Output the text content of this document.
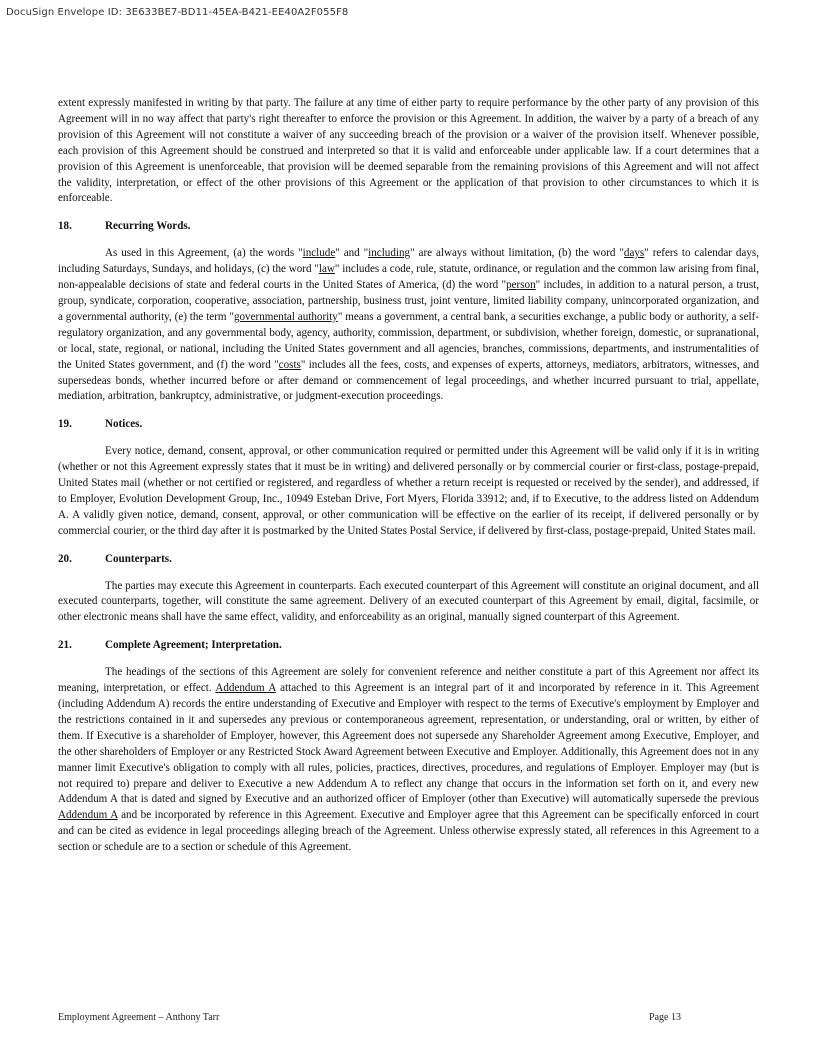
DocuSign Envelope ID: 3E633BE7-BD11-45EA-B421-EE40A2F055F8

extent expressly manifested in writing by that party. The failure at any time of either party to require performance by the other party of any provision of this Agreement will in no way affect that party's right thereafter to enforce the provision or this Agreement. In addition, the waiver by a party of a breach of any provision of this Agreement will not constitute a waiver of any succeeding breach of the provision or a waiver of the provision itself. Whenever possible, each provision of this Agreement should be construed and interpreted so that it is valid and enforceable under applicable law. If a court determines that a provision of this Agreement is unenforceable, that provision will be deemed separable from the remaining provisions of this Agreement and will not affect the validity, interpretation, or effect of the other provisions of this Agreement or the application of that provision to other circumstances to which it is enforceable.

18.	Recurring Words.

As used in this Agreement, (a) the words "include" and "including" are always without limitation, (b) the word "days" refers to calendar days, including Saturdays, Sundays, and holidays, (c) the word "law" includes a code, rule, statute, ordinance, or regulation and the common law arising from final, non-appealable decisions of state and federal courts in the United States of America, (d) the word "person" includes, in addition to a natural person, a trust, group, syndicate, corporation, cooperative, association, partnership, business trust, joint venture, limited liability company, unincorporated organization, and a governmental authority, (e) the term "governmental authority" means a government, a central bank, a securities exchange, a public body or authority, a self-regulatory organization, and any governmental body, agency, authority, commission, department, or subdivision, whether foreign, domestic, or supranational, or local, state, regional, or national, including the United States government and all agencies, branches, commissions, departments, and instrumentalities of the United States government, and (f) the word "costs" includes all the fees, costs, and expenses of experts, attorneys, mediators, arbitrators, witnesses, and supersedeas bonds, whether incurred before or after demand or commencement of legal proceedings, and whether incurred pursuant to trial, appellate, mediation, arbitration, bankruptcy, administrative, or judgment-execution proceedings.

19.	Notices.

Every notice, demand, consent, approval, or other communication required or permitted under this Agreement will be valid only if it is in writing (whether or not this Agreement expressly states that it must be in writing) and delivered personally or by commercial courier or first-class, postage-prepaid, United States mail (whether or not certified or registered, and regardless of whether a return receipt is requested or received by the sender), and addressed, if to Employer, Evolution Development Group, Inc., 10949 Esteban Drive, Fort Myers, Florida 33912; and, if to Executive, to the address listed on Addendum A. A validly given notice, demand, consent, approval, or other communication will be effective on the earlier of its receipt, if delivered personally or by commercial courier, or the third day after it is postmarked by the United States Postal Service, if delivered by first-class, postage-prepaid, United States mail.

20.	Counterparts.

The parties may execute this Agreement in counterparts. Each executed counterpart of this Agreement will constitute an original document, and all executed counterparts, together, will constitute the same agreement. Delivery of an executed counterpart of this Agreement by email, digital, facsimile, or other electronic means shall have the same effect, validity, and enforceability as an original, manually signed counterpart of this Agreement.

21.	Complete Agreement; Interpretation.

The headings of the sections of this Agreement are solely for convenient reference and neither constitute a part of this Agreement nor affect its meaning, interpretation, or effect. Addendum A attached to this Agreement is an integral part of it and incorporated by reference in it. This Agreement (including Addendum A) records the entire understanding of Executive and Employer with respect to the terms of Executive's employment by Employer and the restrictions contained in it and supersedes any previous or contemporaneous agreement, representation, or understanding, oral or written, by either of them. If Executive is a shareholder of Employer, however, this Agreement does not supersede any Shareholder Agreement among Executive, Employer, and the other shareholders of Employer or any Restricted Stock Award Agreement between Executive and Employer. Additionally, this Agreement does not in any manner limit Executive's obligation to comply with all rules, policies, practices, directives, procedures, and regulations of Employer. Employer may (but is not required to) prepare and deliver to Executive a new Addendum A to reflect any change that occurs in the information set forth on it, and every new Addendum A that is dated and signed by Executive and an authorized officer of Employer (other than Executive) will automatically supersede the previous Addendum A and be incorporated by reference in this Agreement. Executive and Employer agree that this Agreement can be specifically enforced in court and can be cited as evidence in legal proceedings alleging breach of the Agreement. Unless otherwise expressly stated, all references in this Agreement to a section or schedule are to a section or schedule of this Agreement.

Employment Agreement – Anthony Tarr	Page 13
